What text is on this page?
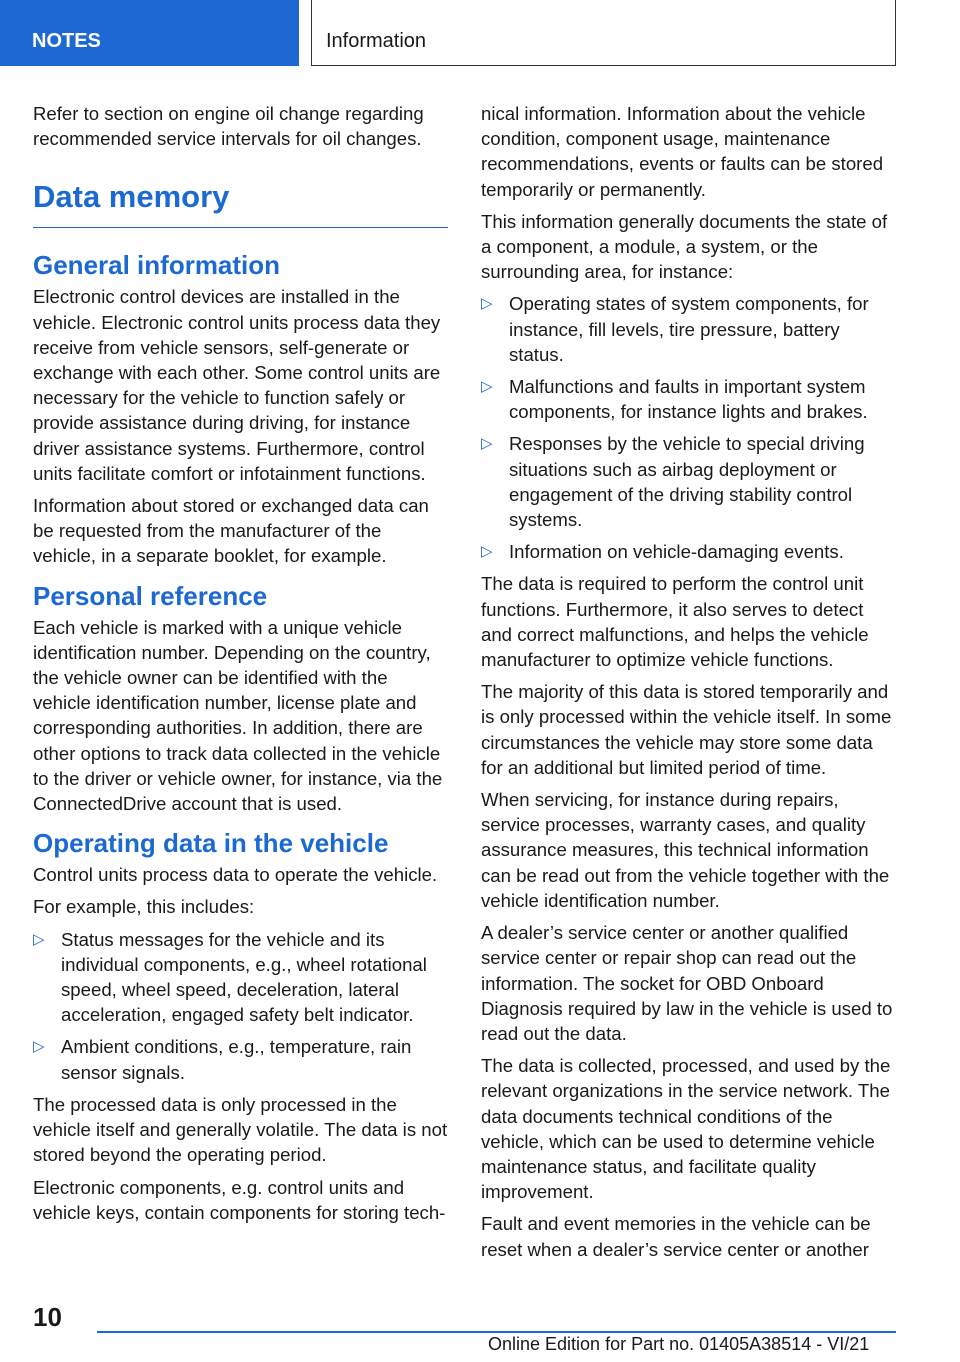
NOTES	Information

Refer to section on engine oil change regarding recommended service intervals for oil changes.

Data memory
General information

Electronic control devices are installed in the vehicle. Electronic control units process data they receive from vehicle sensors, self-generate or exchange with each other. Some control units are necessary for the vehicle to function safely or provide assistance during driving, for instance driver assistance systems. Furthermore, control units facilitate comfort or infotainment functions.

Information about stored or exchanged data can be requested from the manufacturer of the vehicle, in a separate booklet, for example.

Personal reference

Each vehicle is marked with a unique vehicle identification number. Depending on the country, the vehicle owner can be identified with the vehicle identification number, license plate and corresponding authorities. In addition, there are other options to track data collected in the vehicle to the driver or vehicle owner, for instance, via the ConnectedDrive account that is used.

Operating data in the vehicle

Control units process data to operate the vehicle.

For example, this includes:

▷ Status messages for the vehicle and its individual components, e.g., wheel rotational speed, wheel speed, deceleration, lateral acceleration, engaged safety belt indicator.
▷ Ambient conditions, e.g., temperature, rain sensor signals.

The processed data is only processed in the vehicle itself and generally volatile. The data is not stored beyond the operating period.

Electronic components, e.g. control units and vehicle keys, contain components for storing tech-

nical information. Information about the vehicle condition, component usage, maintenance recommendations, events or faults can be stored temporarily or permanently.

This information generally documents the state of a component, a module, a system, or the surrounding area, for instance:

▷ Operating states of system components, for instance, fill levels, tire pressure, battery status.
▷ Malfunctions and faults in important system components, for instance lights and brakes.
▷ Responses by the vehicle to special driving situations such as airbag deployment or engagement of the driving stability control systems.
▷ Information on vehicle-damaging events.

The data is required to perform the control unit functions. Furthermore, it also serves to detect and correct malfunctions, and helps the vehicle manufacturer to optimize vehicle functions.

The majority of this data is stored temporarily and is only processed within the vehicle itself. In some circumstances the vehicle may store some data for an additional but limited period of time.

When servicing, for instance during repairs, service processes, warranty cases, and quality assurance measures, this technical information can be read out from the vehicle together with the vehicle identification number.

A dealer’s service center or another qualified service center or repair shop can read out the information. The socket for OBD Onboard Diagnosis required by law in the vehicle is used to read out the data.

The data is collected, processed, and used by the relevant organizations in the service network. The data documents technical conditions of the vehicle, which can be used to determine vehicle maintenance status, and facilitate quality improvement.

Fault and event memories in the vehicle can be reset when a dealer’s service center or another

10
Online Edition for Part no. 01405A38514 - VI/21
